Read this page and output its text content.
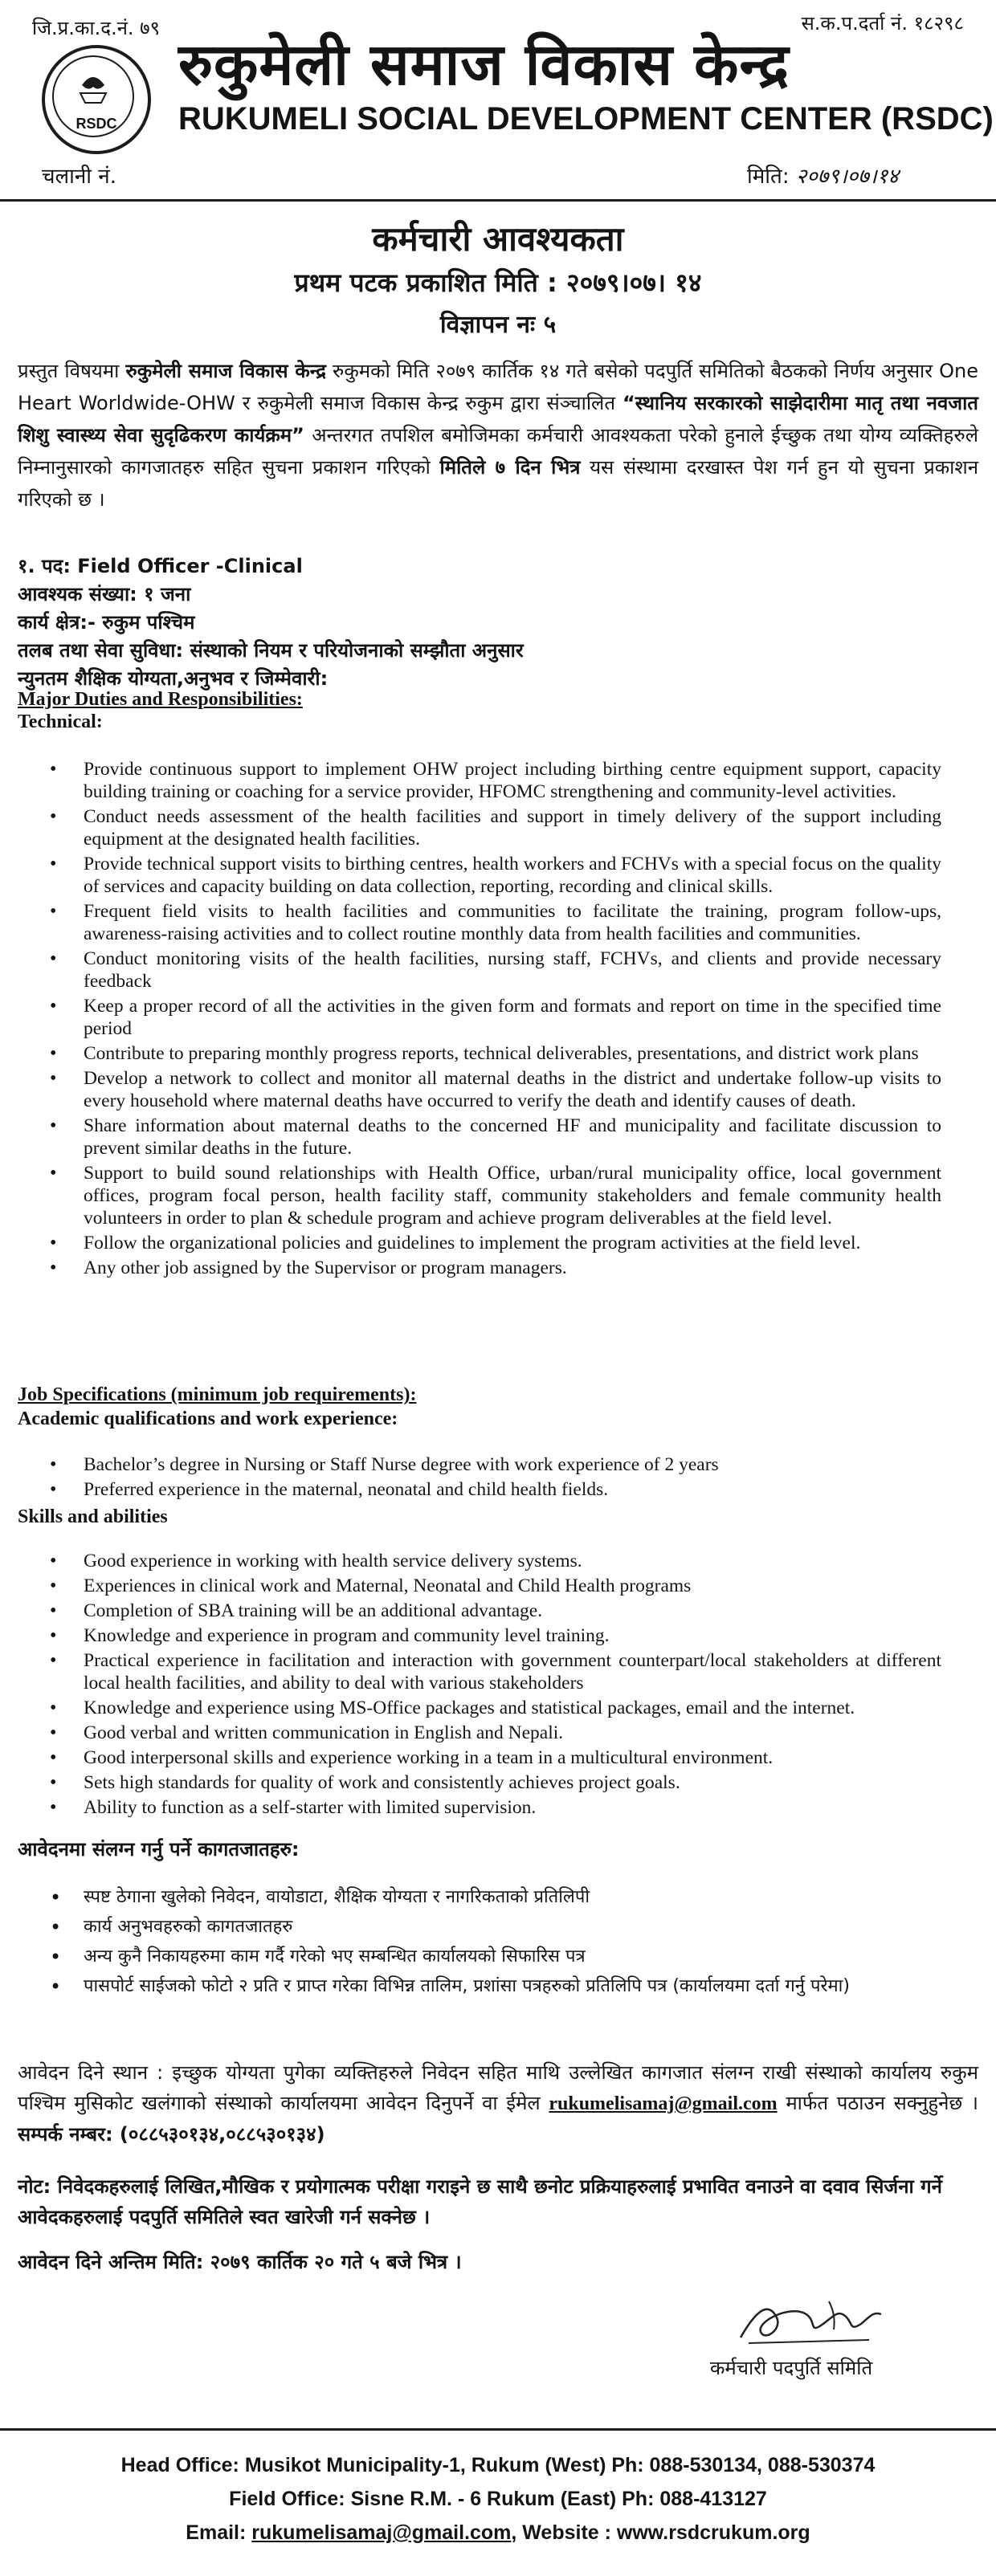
जि.प्र.का.द.नं. ७९	स.क.प.दर्ता नं. १८२९८
RSDC
रुकुमेली समाज विकास केन्द्र
RUKUMELI SOCIAL DEVELOPMENT CENTER (RSDC)
चलानी नं.	मिति: २०७९।०७।१४
कर्मचारी आवश्यकता
प्रथम पटक प्रकाशित मिति : २०७९।०७। १४
विज्ञापन नः ५
प्रस्तुत विषयमा रुकुमेली समाज विकास केन्द्र रुकुमको मिति २०७९ कार्तिक १४ गते बसेको पदपुर्ति समितिको बैठकको निर्णय अनुसार One Heart Worldwide-OHW र रुकुमेली समाज विकास केन्द्र रुकुम द्वारा संञ्चालित “स्थानिय सरकारको साझेदारीमा मातृ तथा नवजात शिशु स्वास्थ्य सेवा सुदृढिकरण कार्यक्रम” अन्तरगत तपशिल बमोजिमका कर्मचारी आवश्यकता परेको हुनाले ईच्छुक तथा योग्य व्यक्तिहरुले निम्नानुसारको कागजातहरु सहित सुचना प्रकाशन गरिएको मितिले ७ दिन भित्र यस संस्थामा दरखास्त पेश गर्न हुन यो सुचना प्रकाशन गरिएको छ ।
१. पद: Field Officer -Clinical
आवश्यक संख्या: १ जना
कार्य क्षेत्र:- रुकुम पश्चिम
तलब तथा सेवा सुविधा: संस्थाको नियम र परियोजनाको सम्झौता अनुसार
न्युनतम शैक्षिक योग्यता,अनुभव र जिम्मेवारी:
Major Duties and Responsibilities:
Technical:
• Provide continuous support to implement OHW project including birthing centre equipment support, capacity building training or coaching for a service provider, HFOMC strengthening and community-level activities.
• Conduct needs assessment of the health facilities and support in timely delivery of the support including equipment at the designated health facilities.
• Provide technical support visits to birthing centres, health workers and FCHVs with a special focus on the quality of services and capacity building on data collection, reporting, recording and clinical skills.
• Frequent field visits to health facilities and communities to facilitate the training, program follow-ups, awareness-raising activities and to collect routine monthly data from health facilities and communities.
• Conduct monitoring visits of the health facilities, nursing staff, FCHVs, and clients and provide necessary feedback
• Keep a proper record of all the activities in the given form and formats and report on time in the specified time period
• Contribute to preparing monthly progress reports, technical deliverables, presentations, and district work plans
• Develop a network to collect and monitor all maternal deaths in the district and undertake follow-up visits to every household where maternal deaths have occurred to verify the death and identify causes of death.
• Share information about maternal deaths to the concerned HF and municipality and facilitate discussion to prevent similar deaths in the future.
• Support to build sound relationships with Health Office, urban/rural municipality office, local government offices, program focal person, health facility staff, community stakeholders and female community health volunteers in order to plan & schedule program and achieve program deliverables at the field level.
• Follow the organizational policies and guidelines to implement the program activities at the field level.
• Any other job assigned by the Supervisor or program managers.
Job Specifications (minimum job requirements):
Academic qualifications and work experience:
• Bachelor’s degree in Nursing or Staff Nurse degree with work experience of 2 years
• Preferred experience in the maternal, neonatal and child health fields.
Skills and abilities
• Good experience in working with health service delivery systems.
• Experiences in clinical work and Maternal, Neonatal and Child Health programs
• Completion of SBA training will be an additional advantage.
• Knowledge and experience in program and community level training.
• Practical experience in facilitation and interaction with government counterpart/local stakeholders at different local health facilities, and ability to deal with various stakeholders
• Knowledge and experience using MS-Office packages and statistical packages, email and the internet.
• Good verbal and written communication in English and Nepali.
• Good interpersonal skills and experience working in a team in a multicultural environment.
• Sets high standards for quality of work and consistently achieves project goals.
• Ability to function as a self-starter with limited supervision.
आवेदनमा संलग्न गर्नु पर्ने कागतजातहरु:
• स्पष्ट ठेगाना खुलेको निवेदन, वायोडाटा, शैक्षिक योग्यता र नागरिकताको प्रतिलिपी
• कार्य अनुभवहरुको कागतजातहरु
• अन्य कुनै निकायहरुमा काम गर्दै गरेको भए सम्बन्धित कार्यालयको सिफारिस पत्र
• पासपोर्ट साईजको फोटो २ प्रति र प्राप्त गरेका विभिन्न तालिम, प्रशांसा पत्रहरुको प्रतिलिपि पत्र (कार्यालयमा दर्ता गर्नु परेमा)
आवेदन दिने स्थान : इच्छुक योग्यता पुगेका व्यक्तिहरुले निवेदन सहित माथि उल्लेखित कागजात संलग्न राखी संस्थाको कार्यालय रुकुम पश्चिम मुसिकोट खलंगाको संस्थाको कार्यालयमा आवेदन दिनुपर्ने वा ईमेल rukumelisamaj@gmail.com मार्फत पठाउन सक्नुहुनेछ । सम्पर्क नम्बर: (०८८५३०१३४,०८८५३०१३४)
नोट: निवेदकहरुलाई लिखित,मौखिक र प्रयोगात्मक परीक्षा गराइने छ साथै छनोट प्रक्रियाहरुलाई प्रभावित वनाउने वा दवाव सिर्जना गर्ने आवेदकहरुलाई पदपुर्ति समितिले स्वत खारेजी गर्न सक्नेछ ।
आवेदन दिने अन्तिम मिति: २०७९ कार्तिक २० गते ५ बजे भित्र ।
कर्मचारी पदपुर्ति समिति
Head Office: Musikot Municipality-1, Rukum (West) Ph: 088-530134, 088-530374
Field Office: Sisne R.M. - 6 Rukum (East) Ph: 088-413127
Email: rukumelisamaj@gmail.com, Website : www.rsdcrukum.org
